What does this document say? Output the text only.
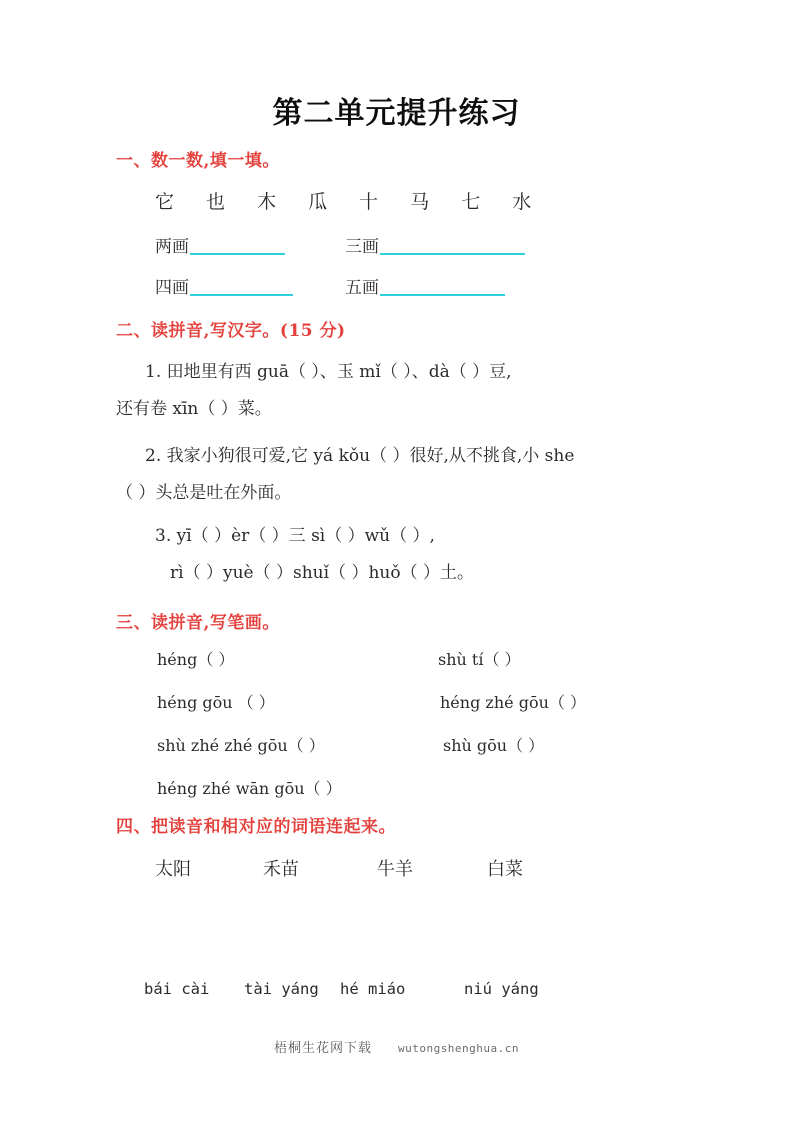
第二单元提升练习
一、数一数,填一填。
它 也 木 瓜 十 马 七 水
两画	三画
四画	五画
二、读拼音,写汉字。(15 分)
1. 田地里有西 guā（ ）、玉 mǐ（ ）、dà（ ）豆,
还有卷 xīn（ ）菜。
2. 我家小狗很可爱,它 yá kǒu（ ）很好,从不挑食,小 she
（ ）头总是吐在外面。
3. yī（ ）èr（ ）三 sì（ ）wǔ（ ）,
rì（ ）yuè（ ）shuǐ（ ）huǒ（ ）土。
三、读拼音,写笔画。
héng（ ）	shù tí（ ）
héng gōu （ ）	héng zhé gōu（ ）
shù zhé zhé gōu（ ）	shù gōu（ ）
héng zhé wān gōu（ ）
四、把读音和相对应的词语连起来。
太阳	禾苗	牛羊	白菜
bái cài tài yáng hé miáo	niú yáng
梧桐生花网下载 wutongshenghua.cn
